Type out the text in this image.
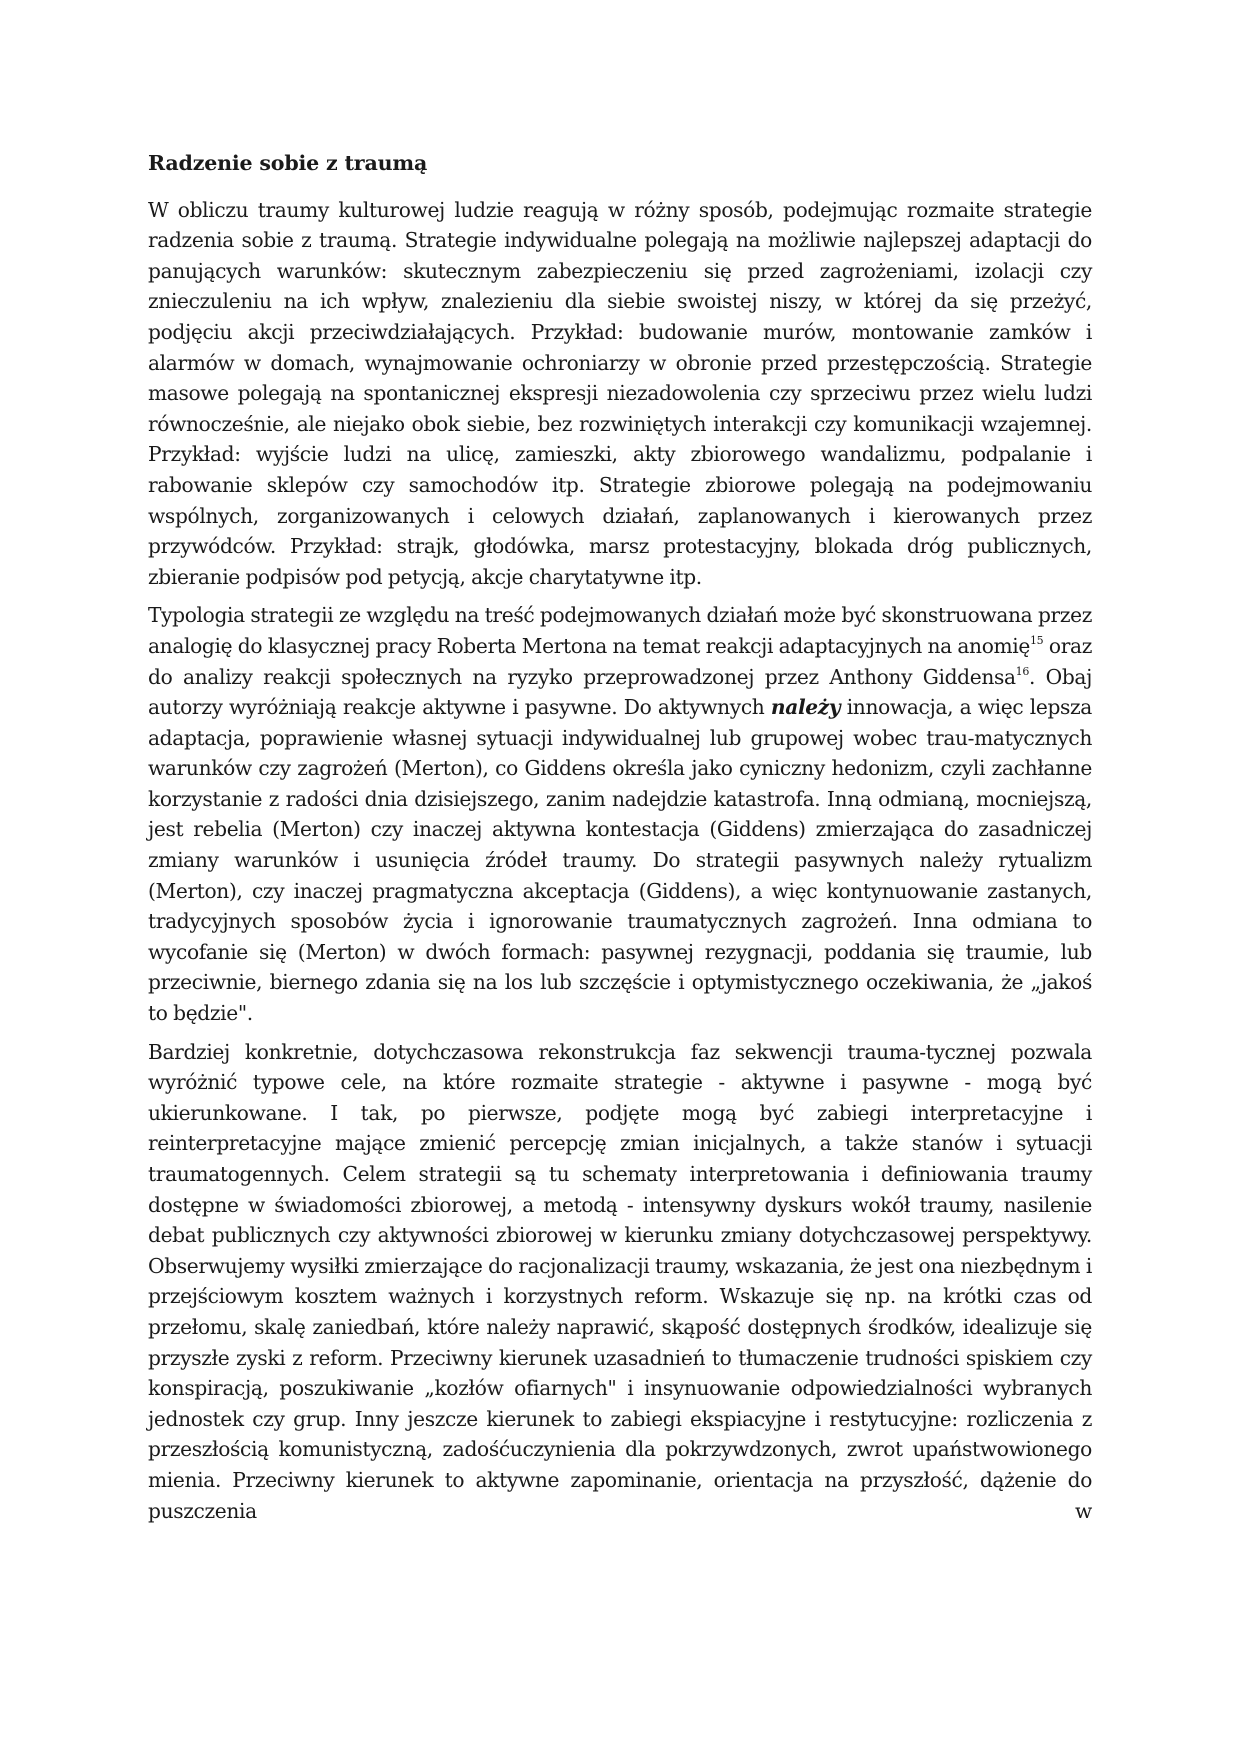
Radzenie sobie z traumą

W obliczu traumy kulturowej ludzie reagują w różny sposób, podejmując rozmaite strategie radzenia sobie z traumą. Strategie indywidualne polegają na możliwie najlepszej adaptacji do panujących warunków: skutecznym zabezpieczeniu się przed zagrożeniami, izolacji czy znieczuleniu na ich wpływ, znalezieniu dla siebie swoistej niszy, w której da się przeżyć, podjęciu akcji przeciwdziałających. Przykład: budowanie murów, montowanie zamków i alarmów w domach, wynajmowanie ochroniarzy w obronie przed przestępczością. Strategie masowe polegają na spontanicznej ekspresji niezadowolenia czy sprzeciwu przez wielu ludzi równocześnie, ale niejako obok siebie, bez rozwiniętych interakcji czy komunikacji wzajemnej. Przykład: wyjście ludzi na ulicę, zamieszki, akty zbiorowego wandalizmu, podpalanie i rabowanie sklepów czy samochodów itp. Strategie zbiorowe polegają na podejmowaniu wspólnych, zorganizowanych i celowych działań, zaplanowanych i kierowanych przez przywódców. Przykład: strajk, głodówka, marsz protestacyjny, blokada dróg publicznych, zbieranie podpisów pod petycją, akcje charytatywne itp.

Typologia strategii ze względu na treść podejmowanych działań może być skonstruowana przez analogię do klasycznej pracy Roberta Mertona na temat reakcji adaptacyjnych na anomię$^{15}$ oraz do analizy reakcji społecznych na ryzyko przeprowadzonej przez Anthony Giddensa$^{16}$. Obaj autorzy wyróżniają reakcje aktywne i pasywne. Do aktywnych należy innowacja, a więc lepsza adaptacja, poprawienie własnej sytuacji indywidualnej lub grupowej wobec trau-matycznych warunków czy zagrożeń (Merton), co Giddens określa jako cyniczny hedonizm, czyli zachłanne korzystanie z radości dnia dzisiejszego, zanim nadejdzie katastrofa. Inną odmianą, mocniejszą, jest rebelia (Merton) czy inaczej aktywna kontestacja (Giddens) zmierzająca do zasadniczej zmiany warunków i usunięcia źródeł traumy. Do strategii pasywnych należy rytualizm (Merton), czy inaczej pragmatyczna akceptacja (Giddens), a więc kontynuowanie zastanych, tradycyjnych sposobów życia i ignorowanie traumatycznych zagrożeń. Inna odmiana to wycofanie się (Merton) w dwóch formach: pasywnej rezygnacji, poddania się traumie, lub przeciwnie, biernego zdania się na los lub szczęście i optymistycznego oczekiwania, że „jakoś to będzie".

Bardziej konkretnie, dotychczasowa rekonstrukcja faz sekwencji trauma-tycznej pozwala wyróżnić typowe cele, na które rozmaite strategie - aktywne i pasywne - mogą być ukierunkowane. I tak, po pierwsze, podjęte mogą być zabiegi interpretacyjne i reinterpretacyjne mające zmienić percepcję zmian inicjalnych, a także stanów i sytuacji traumatogennych. Celem strategii są tu schematy interpretowania i definiowania traumy dostępne w świadomości zbiorowej, a metodą - intensywny dyskurs wokół traumy, nasilenie debat publicznych czy aktywności zbiorowej w kierunku zmiany dotychczasowej perspektywy. Obserwujemy wysiłki zmierzające do racjonalizacji traumy, wskazania, że jest ona niezbędnym i przejściowym kosztem ważnych i korzystnych reform. Wskazuje się np. na krótki czas od przełomu, skalę zaniedbań, które należy naprawić, skąpość dostępnych środków, idealizuje się przyszłe zyski z reform. Przeciwny kierunek uzasadnień to tłumaczenie trudności spiskiem czy konspiracją, poszukiwanie „kozłów ofiarnych" i insynuowanie odpowiedzialności wybranych jednostek czy grup. Inny jeszcze kierunek to zabiegi ekspiacyjne i restytucyjne: rozliczenia z przeszłością komunistyczną, zadośćuczynienia dla pokrzywdzonych, zwrot upaństwowionego mienia. Przeciwny kierunek to aktywne zapominanie, orientacja na przyszłość, dążenie do puszczenia w
